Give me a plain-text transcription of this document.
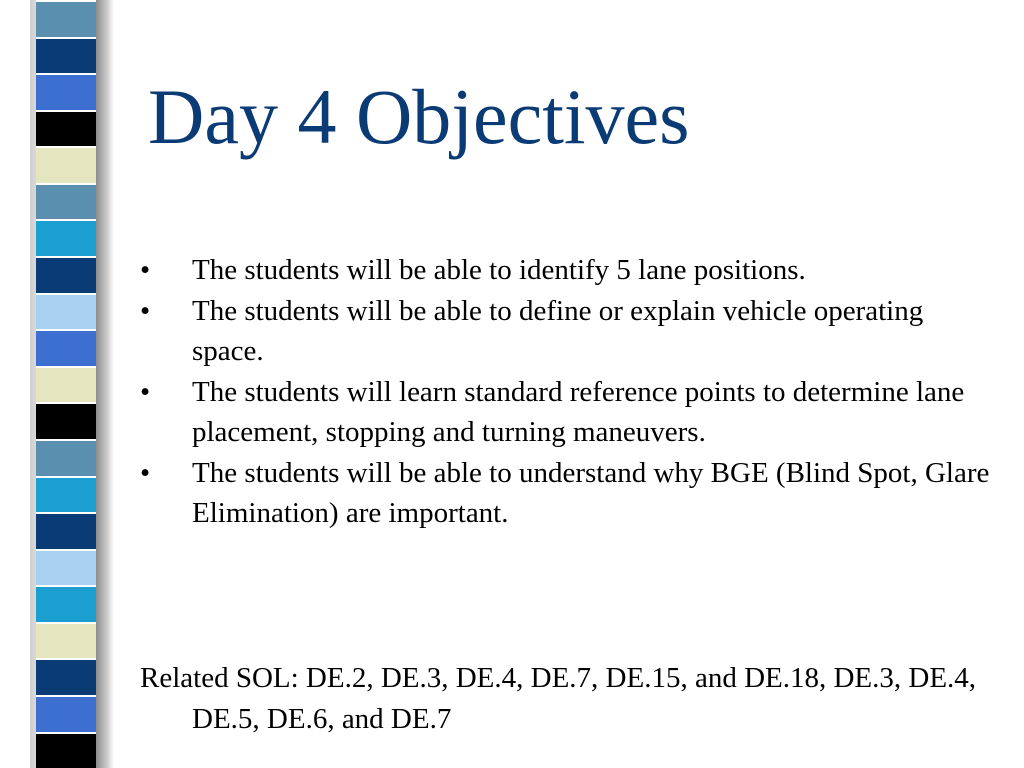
Day 4 Objectives
• The students will be able to identify 5 lane positions.
• The students will be able to define or explain vehicle operating space.
• The students will learn standard reference points to determine lane placement, stopping and turning maneuvers.
• The students will be able to understand why BGE (Blind Spot, Glare Elimination) are important.

Related SOL: DE.2, DE.3, DE.4, DE.7, DE.15, and DE.18, DE.3, DE.4, DE.5, DE.6, and DE.7
